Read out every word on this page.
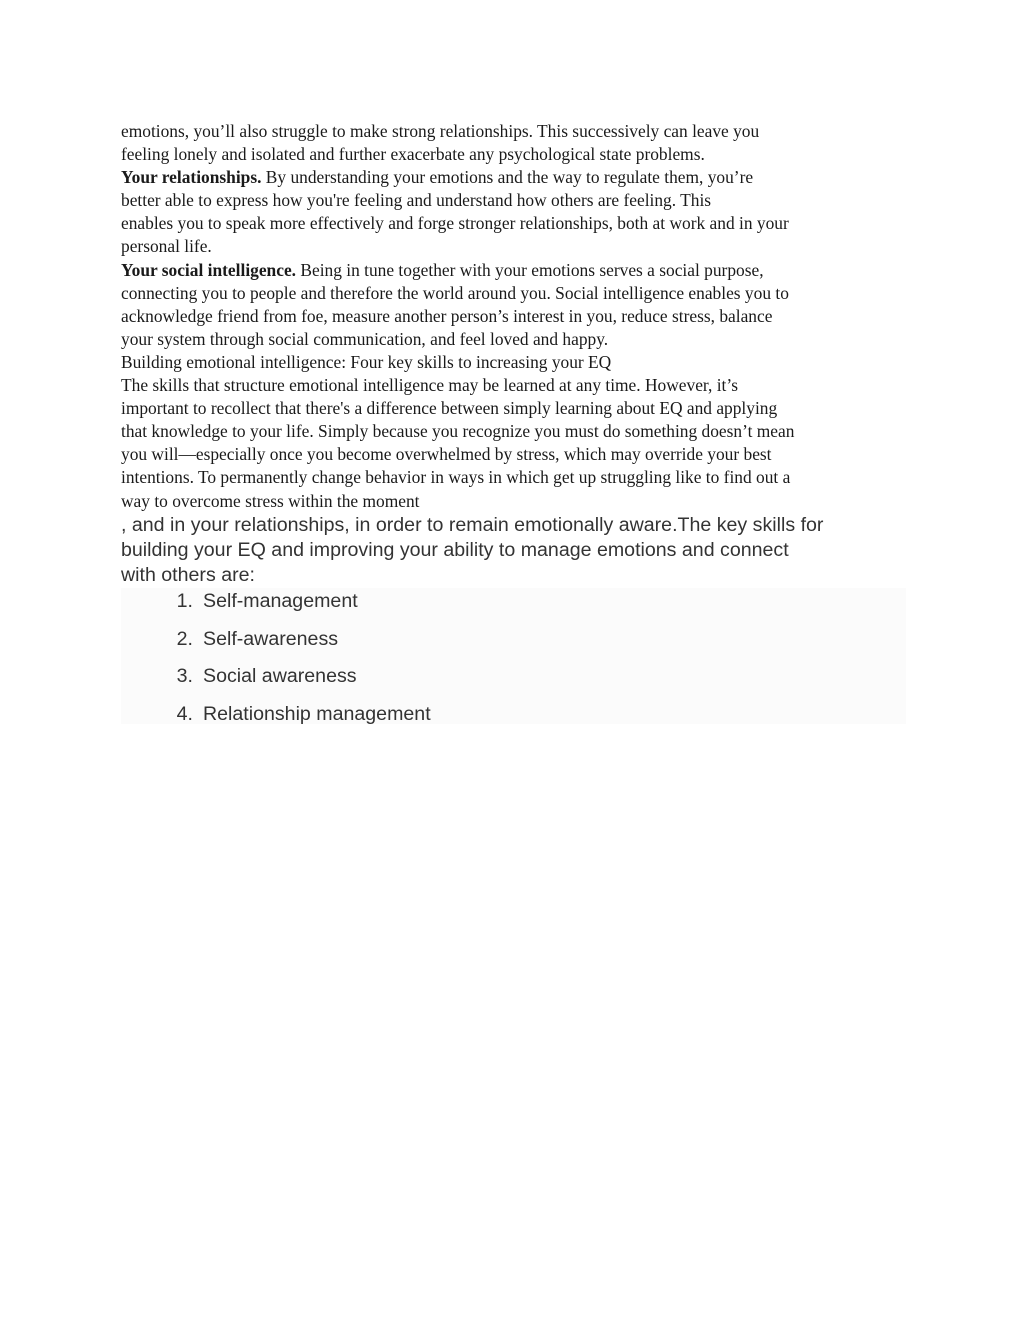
emotions, you’ll also struggle to make strong relationships. This successively can leave you
feeling lonely and isolated and further exacerbate any psychological state problems.
Your relationships. By understanding your emotions and the way to regulate them, you’re
better able to express how you're feeling and understand how others are feeling. This
enables you to speak more effectively and forge stronger relationships, both at work and in your
personal life.
Your social intelligence. Being in tune together with your emotions serves a social purpose,
connecting you to people and therefore the world around you. Social intelligence enables you to
acknowledge friend from foe, measure another person’s interest in you, reduce stress, balance
your system through social communication, and feel loved and happy.
Building emotional intelligence: Four key skills to increasing your EQ
The skills that structure emotional intelligence may be learned at any time. However, it’s
important to recollect that there's a difference between simply learning about EQ and applying
that knowledge to your life. Simply because you recognize you must do something doesn’t mean
you will—especially once you become overwhelmed by stress, which may override your best
intentions. To permanently change behavior in ways in which get up struggling like to find out a
way to overcome stress within the moment
, and in your relationships, in order to remain emotionally aware.The key skills for
building your EQ and improving your ability to manage emotions and connect
with others are:
1. Self-management
2. Self-awareness
3. Social awareness
4. Relationship management
